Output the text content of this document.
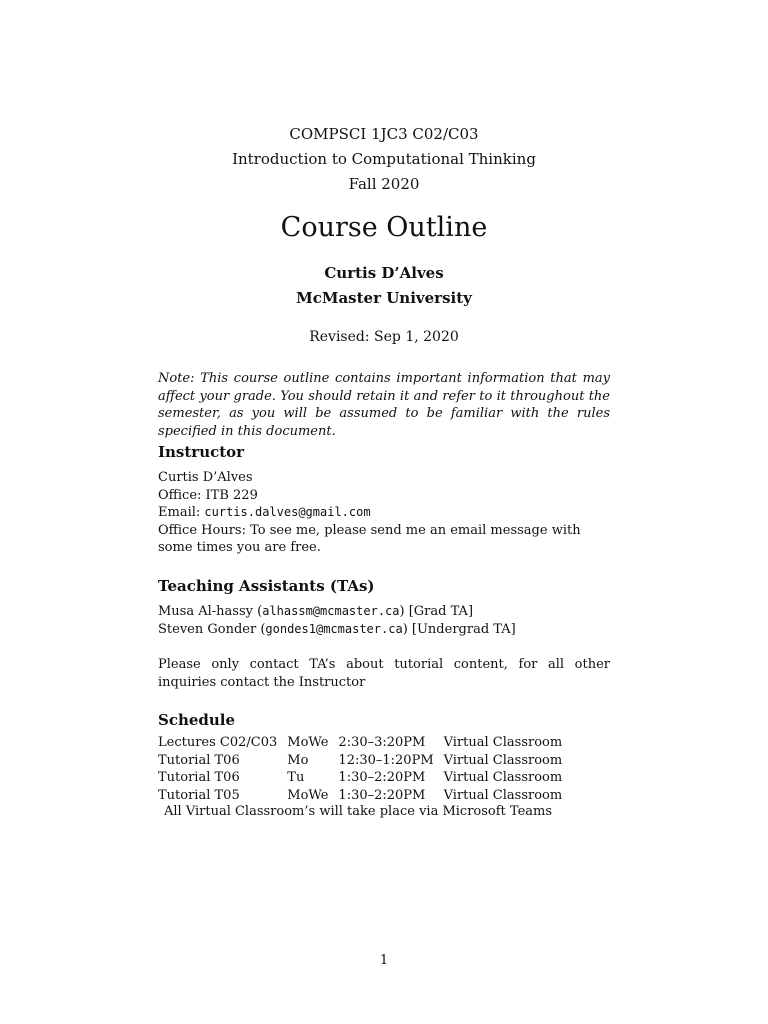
COMPSCI 1JC3 C02/C03
Introduction to Computational Thinking
Fall 2020
Course Outline
Curtis D’Alves
McMaster University
Revised: Sep 1, 2020
Note: This course outline contains important information that may affect your grade. You should retain it and refer to it throughout the semester, as you will be assumed to be familiar with the rules specified in this document.
Instructor
Curtis D’Alves
Office: ITB 229
Email: curtis.dalves@gmail.com
Office Hours: To see me, please send me an email message with some times you are free.
Teaching Assistants (TAs)
Musa Al-hassy (alhassm@mcmaster.ca) [Grad TA]
Steven Gonder (gondes1@mcmaster.ca) [Undergrad TA]
Please only contact TA’s about tutorial content, for all other inquiries contact the Instructor
Schedule
Lectures C02/C03	MoWe	2:30–3:20PM	Virtual Classroom
Tutorial T06	Mo	12:30–1:20PM	Virtual Classroom
Tutorial T06	Tu	1:30–2:20PM	Virtual Classroom
Tutorial T05	MoWe	1:30–2:20PM	Virtual Classroom
All Virtual Classroom’s will take place via Microsoft Teams
1
